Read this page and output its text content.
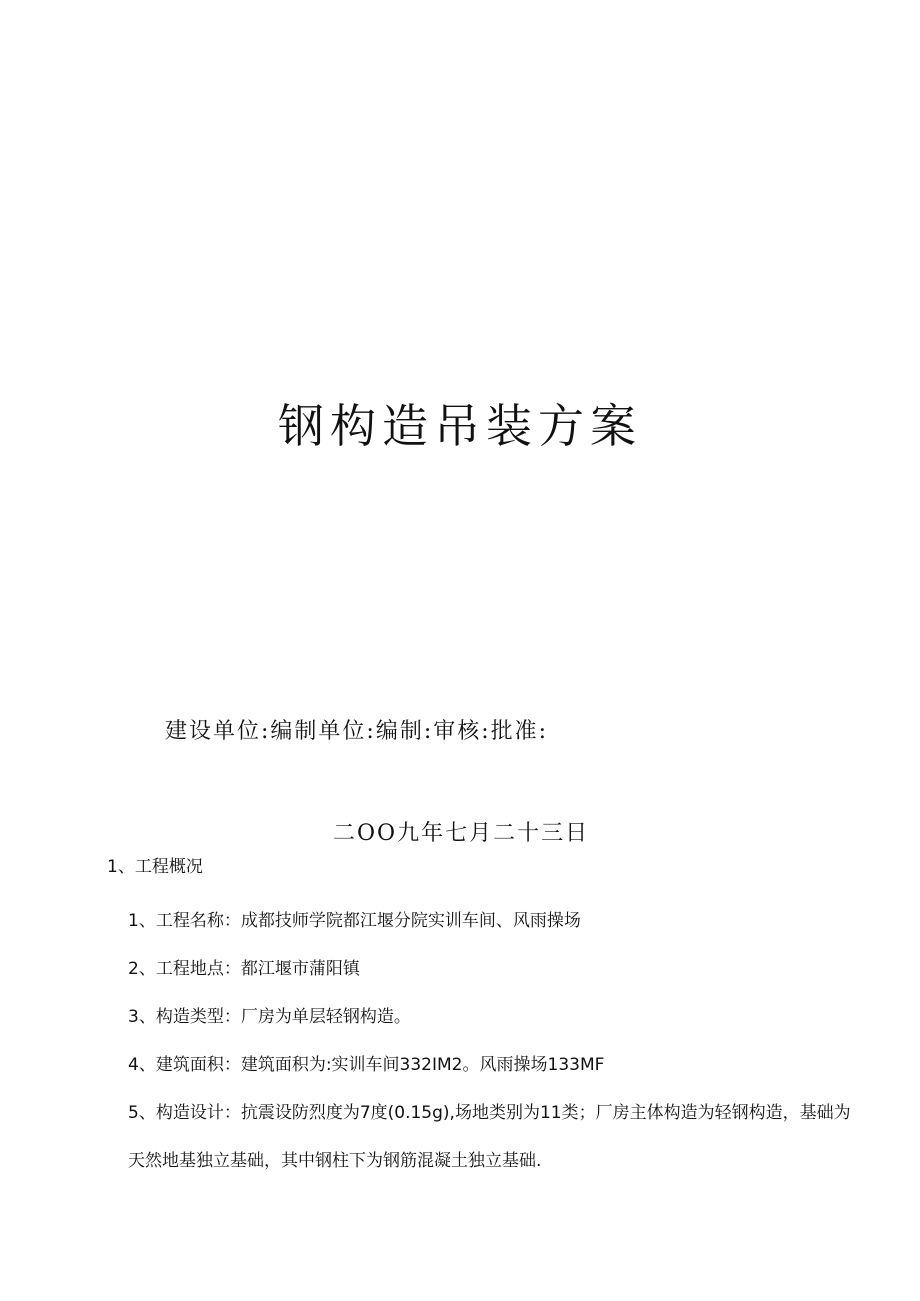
钢构造吊装方案
建设单位:编制单位:编制:审核:批准:
二OO九年七月二十三日
1、工程概况
1、工程名称：成都技师学院都江堰分院实训车间、风雨操场
2、工程地点：都江堰市蒲阳镇
3、构造类型：厂房为单层轻钢构造。
4、建筑面积：建筑面积为:实训车间332IM2。风雨操场133MF
5、构造设计：抗震设防烈度为7度(0.15g),场地类别为11类；厂房主体构造为轻钢构造，基础为天然地基独立基础，其中钢柱下为钢筋混凝土独立基础.
